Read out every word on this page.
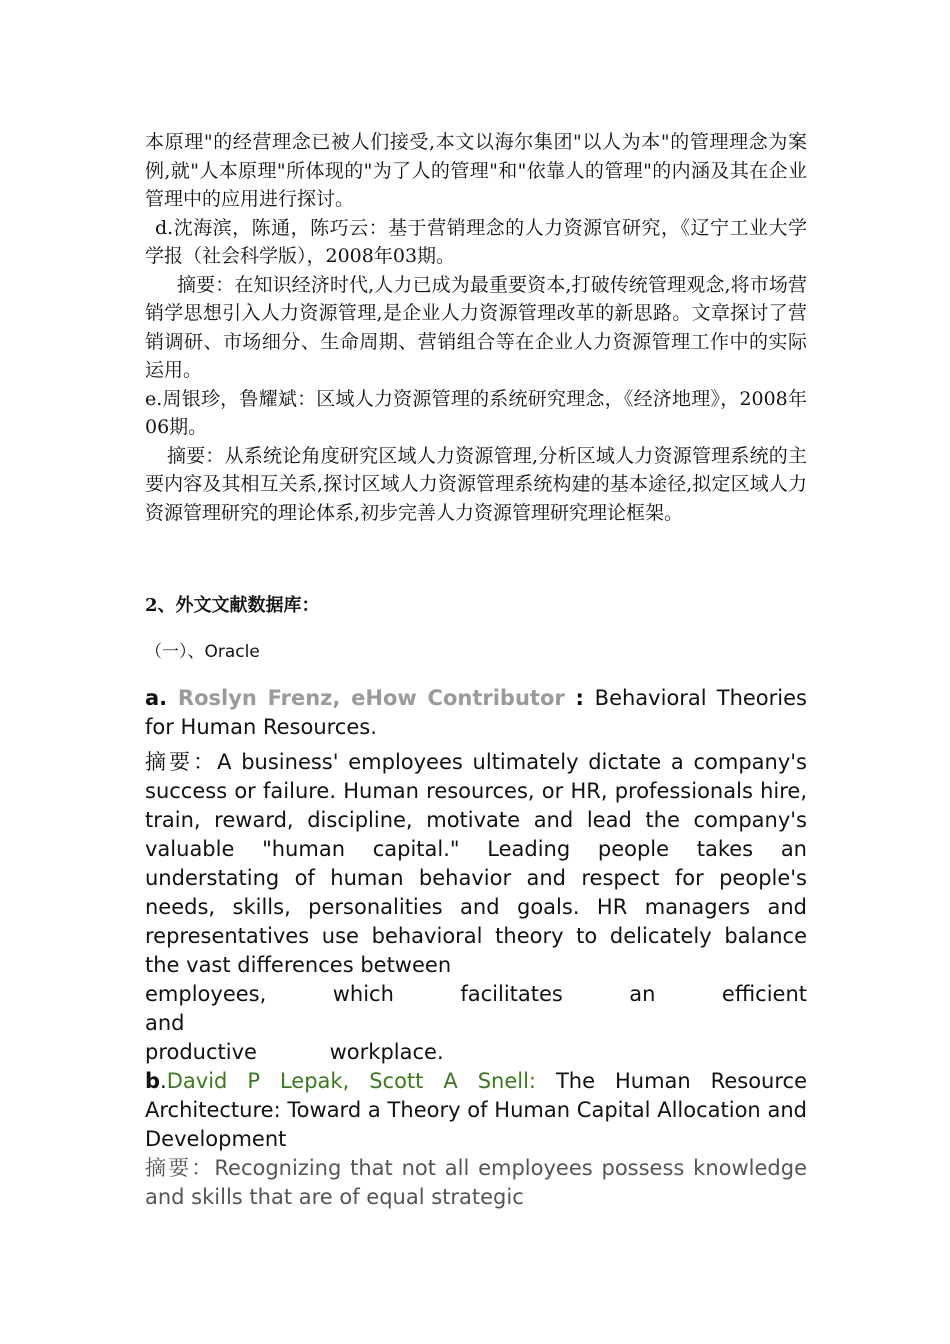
本原理"的经营理念已被人们接受,本文以海尔集团"以人为本"的管理理念为案例,就"人本原理"所体现的"为了人的管理"和"依靠人的管理"的内涵及其在企业管理中的应用进行探讨。

d.沈海滨，陈通，陈巧云：基于营销理念的人力资源官研究，《辽宁工业大学学报（社会科学版），2008年03期。

摘要：在知识经济时代,人力已成为最重要资本,打破传统管理观念,将市场营销学思想引入人力资源管理,是企业人力资源管理改革的新思路。文章探讨了营销调研、市场细分、生命周期、营销组合等在企业人力资源管理工作中的实际运用。

e.周银珍，鲁耀斌：区域人力资源管理的系统研究理念，《经济地理》，2008年06期。

摘要：从系统论角度研究区域人力资源管理,分析区域人力资源管理系统的主要内容及其相互关系,探讨区域人力资源管理系统构建的基本途径,拟定区域人力资源管理研究的理论体系,初步完善人力资源管理研究理论框架。

2、外文文献数据库：

（一）、Oracle

a. Roslyn Frenz, eHow Contributor : Behavioral Theories for Human Resources.

摘要：A business' employees ultimately dictate a company's success or failure. Human resources, or HR, professionals hire, train, reward, discipline, motivate and lead the company's valuable "human capital." Leading people takes an understating of human behavior and respect for people's needs, skills, personalities and goals. HR managers and representatives use behavioral theory to delicately balance the vast differences between

employees, which facilitates an efficient and

productive workplace.

b.David P Lepak, Scott A Snell: The Human Resource Architecture: Toward a Theory of Human Capital Allocation and Development

摘要：Recognizing that not all employees possess knowledge and skills that are of equal strategic
